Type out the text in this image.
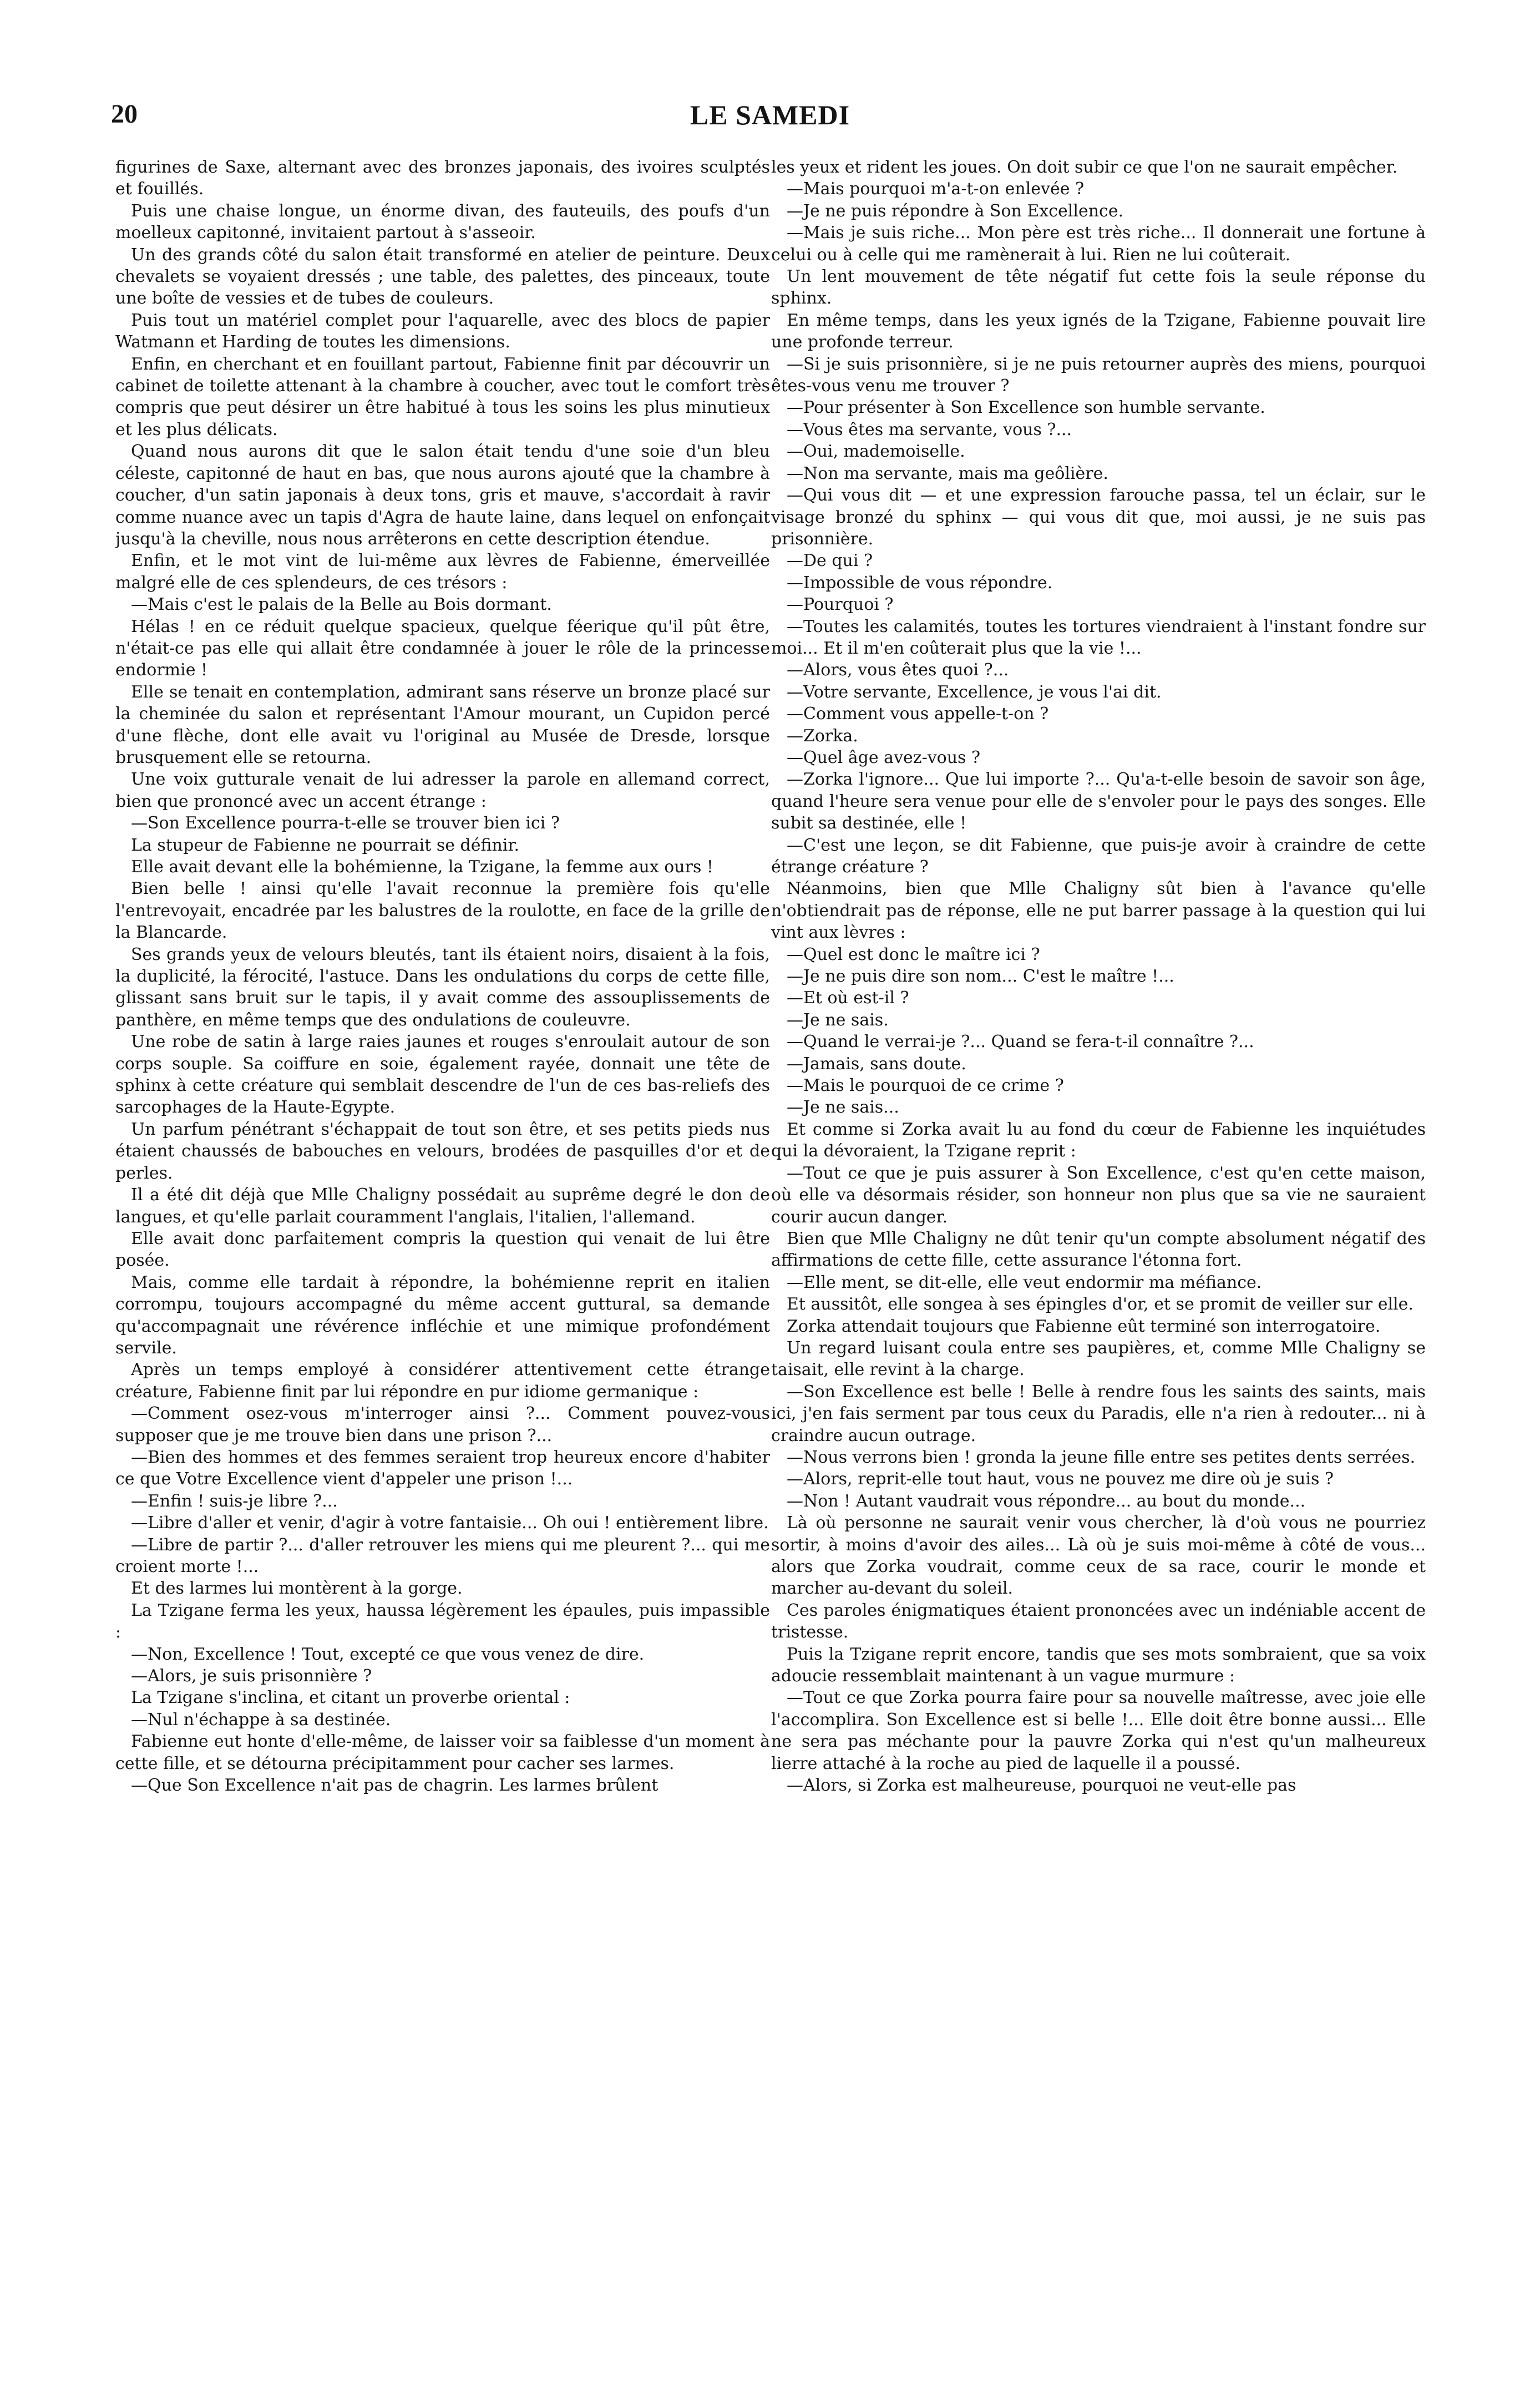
20	LE SAMEDI

figurines de Saxe, alternant avec des bronzes japonais, des ivoires sculptés et fouillés.

Puis une chaise longue, un énorme divan, des fauteuils, des poufs d'un moelleux capitonné, invitaient partout à s'asseoir.

Un des grands côté du salon était transformé en atelier de peinture. Deux chevalets se voyaient dressés ; une table, des palettes, des pinceaux, toute une boîte de vessies et de tubes de couleurs.

Puis tout un matériel complet pour l'aquarelle, avec des blocs de papier Watmann et Harding de toutes les dimensions.

Enfin, en cherchant et en fouillant partout, Fabienne finit par découvrir un cabinet de toilette attenant à la chambre à coucher, avec tout le comfort très compris que peut désirer un être habitué à tous les soins les plus minutieux et les plus délicats.

Quand nous aurons dit que le salon était tendu d'une soie d'un bleu céleste, capitonné de haut en bas, que nous aurons ajouté que la chambre à coucher, d'un satin japonais à deux tons, gris et mauve, s'accordait à ravir comme nuance avec un tapis d'Agra de haute laine, dans lequel on enfonçait jusqu'à la cheville, nous nous arrêterons en cette description étendue.

Enfin, et le mot vint de lui-même aux lèvres de Fabienne, émerveillée malgré elle de ces splendeurs, de ces trésors :

—Mais c'est le palais de la Belle au Bois dormant.

Hélas ! en ce réduit quelque spacieux, quelque féerique qu'il pût être, n'était-ce pas elle qui allait être condamnée à jouer le rôle de la princesse endormie !

Elle se tenait en contemplation, admirant sans réserve un bronze placé sur la cheminée du salon et représentant l'Amour mourant, un Cupidon percé d'une flèche, dont elle avait vu l'original au Musée de Dresde, lorsque brusquement elle se retourna.

Une voix gutturale venait de lui adresser la parole en allemand correct, bien que prononcé avec un accent étrange :

—Son Excellence pourra-t-elle se trouver bien ici ?

La stupeur de Fabienne ne pourrait se définir.

Elle avait devant elle la bohémienne, la Tzigane, la femme aux ours !

Bien belle ! ainsi qu'elle l'avait reconnue la première fois qu'elle l'entrevoyait, encadrée par les balustres de la roulotte, en face de la grille de la Blancarde.

Ses grands yeux de velours bleutés, tant ils étaient noirs, disaient à la fois, la duplicité, la férocité, l'astuce. Dans les ondulations du corps de cette fille, glissant sans bruit sur le tapis, il y avait comme des assouplissements de panthère, en même temps que des ondulations de couleuvre.

Une robe de satin à large raies jaunes et rouges s'enroulait autour de son corps souple. Sa coiffure en soie, également rayée, donnait une tête de sphinx à cette créature qui semblait descendre de l'un de ces bas-reliefs des sarcophages de la Haute-Egypte.

Un parfum pénétrant s'échappait de tout son être, et ses petits pieds nus étaient chaussés de babouches en velours, brodées de pasquilles d'or et de perles.

Il a été dit déjà que Mlle Chaligny possédait au suprême degré le don de langues, et qu'elle parlait couramment l'anglais, l'italien, l'allemand.

Elle avait donc parfaitement compris la question qui venait de lui être posée.

Mais, comme elle tardait à répondre, la bohémienne reprit en italien corrompu, toujours accompagné du même accent guttural, sa demande qu'accompagnait une révérence infléchie et une mimique profondément servile.

Après un temps employé à considérer attentivement cette étrange créature, Fabienne finit par lui répondre en pur idiome germanique :

—Comment osez-vous m'interroger ainsi ?... Comment pouvez-vous supposer que je me trouve bien dans une prison ?...

—Bien des hommes et des femmes seraient trop heureux encore d'habiter ce que Votre Excellence vient d'appeler une prison !...

—Enfin ! suis-je libre ?...

—Libre d'aller et venir, d'agir à votre fantaisie... Oh oui ! entièrement libre.

—Libre de partir ?... d'aller retrouver les miens qui me pleurent ?... qui me croient morte !...

Et des larmes lui montèrent à la gorge.

La Tzigane ferma les yeux, haussa légèrement les épaules, puis impassible :

—Non, Excellence ! Tout, excepté ce que vous venez de dire.

—Alors, je suis prisonnière ?

La Tzigane s'inclina, et citant un proverbe oriental :

—Nul n'échappe à sa destinée.

Fabienne eut honte d'elle-même, de laisser voir sa faiblesse d'un moment à cette fille, et se détourna précipitamment pour cacher ses larmes.

—Que Son Excellence n'ait pas de chagrin. Les larmes brûlent

les yeux et rident les joues. On doit subir ce que l'on ne saurait empêcher.

—Mais pourquoi m'a-t-on enlevée ?

—Je ne puis répondre à Son Excellence.

—Mais je suis riche... Mon père est très riche... Il donnerait une fortune à celui ou à celle qui me ramènerait à lui. Rien ne lui coûterait.

Un lent mouvement de tête négatif fut cette fois la seule réponse du sphinx.

En même temps, dans les yeux ignés de la Tzigane, Fabienne pouvait lire une profonde terreur.

—Si je suis prisonnière, si je ne puis retourner auprès des miens, pourquoi êtes-vous venu me trouver ?

—Pour présenter à Son Excellence son humble servante.

—Vous êtes ma servante, vous ?...

—Oui, mademoiselle.

—Non ma servante, mais ma geôlière.

—Qui vous dit — et une expression farouche passa, tel un éclair, sur le visage bronzé du sphinx — qui vous dit que, moi aussi, je ne suis pas prisonnière.

—De qui ?

—Impossible de vous répondre.

—Pourquoi ?

—Toutes les calamités, toutes les tortures viendraient à l'instant fondre sur moi... Et il m'en coûterait plus que la vie !...

—Alors, vous êtes quoi ?...

—Votre servante, Excellence, je vous l'ai dit.

—Comment vous appelle-t-on ?

—Zorka.

—Quel âge avez-vous ?

—Zorka l'ignore... Que lui importe ?... Qu'a-t-elle besoin de savoir son âge, quand l'heure sera venue pour elle de s'envoler pour le pays des songes. Elle subit sa destinée, elle !

—C'est une leçon, se dit Fabienne, que puis-je avoir à craindre de cette étrange créature ?

Néanmoins, bien que Mlle Chaligny sût bien à l'avance qu'elle n'obtiendrait pas de réponse, elle ne put barrer passage à la question qui lui vint aux lèvres :

—Quel est donc le maître ici ?

—Je ne puis dire son nom... C'est le maître !...

—Et où est-il ?

—Je ne sais.

—Quand le verrai-je ?... Quand se fera-t-il connaître ?...

—Jamais, sans doute.

—Mais le pourquoi de ce crime ?

—Je ne sais...

Et comme si Zorka avait lu au fond du cœur de Fabienne les inquiétudes qui la dévoraient, la Tzigane reprit :

—Tout ce que je puis assurer à Son Excellence, c'est qu'en cette maison, où elle va désormais résider, son honneur non plus que sa vie ne sauraient courir aucun danger.

Bien que Mlle Chaligny ne dût tenir qu'un compte absolument négatif des affirmations de cette fille, cette assurance l'étonna fort.

—Elle ment, se dit-elle, elle veut endormir ma méfiance.

Et aussitôt, elle songea à ses épingles d'or, et se promit de veiller sur elle.

Zorka attendait toujours que Fabienne eût terminé son interrogatoire.

Un regard luisant coula entre ses paupières, et, comme Mlle Chaligny se taisait, elle revint à la charge.

—Son Excellence est belle ! Belle à rendre fous les saints des saints, mais ici, j'en fais serment par tous ceux du Paradis, elle n'a rien à redouter... ni à craindre aucun outrage.

—Nous verrons bien ! gronda la jeune fille entre ses petites dents serrées.

—Alors, reprit-elle tout haut, vous ne pouvez me dire où je suis ?

—Non ! Autant vaudrait vous répondre... au bout du monde...

Là où personne ne saurait venir vous chercher, là d'où vous ne pourriez sortir, à moins d'avoir des ailes... Là où je suis moi-même à côté de vous... alors que Zorka voudrait, comme ceux de sa race, courir le monde et marcher au-devant du soleil.

Ces paroles énigmatiques étaient prononcées avec un indéniable accent de tristesse.

Puis la Tzigane reprit encore, tandis que ses mots sombraient, que sa voix adoucie ressemblait maintenant à un vague murmure :

—Tout ce que Zorka pourra faire pour sa nouvelle maîtresse, avec joie elle l'accomplira. Son Excellence est si belle !... Elle doit être bonne aussi... Elle ne sera pas méchante pour la pauvre Zorka qui n'est qu'un malheureux lierre attaché à la roche au pied de laquelle il a poussé.

—Alors, si Zorka est malheureuse, pourquoi ne veut-elle pas
